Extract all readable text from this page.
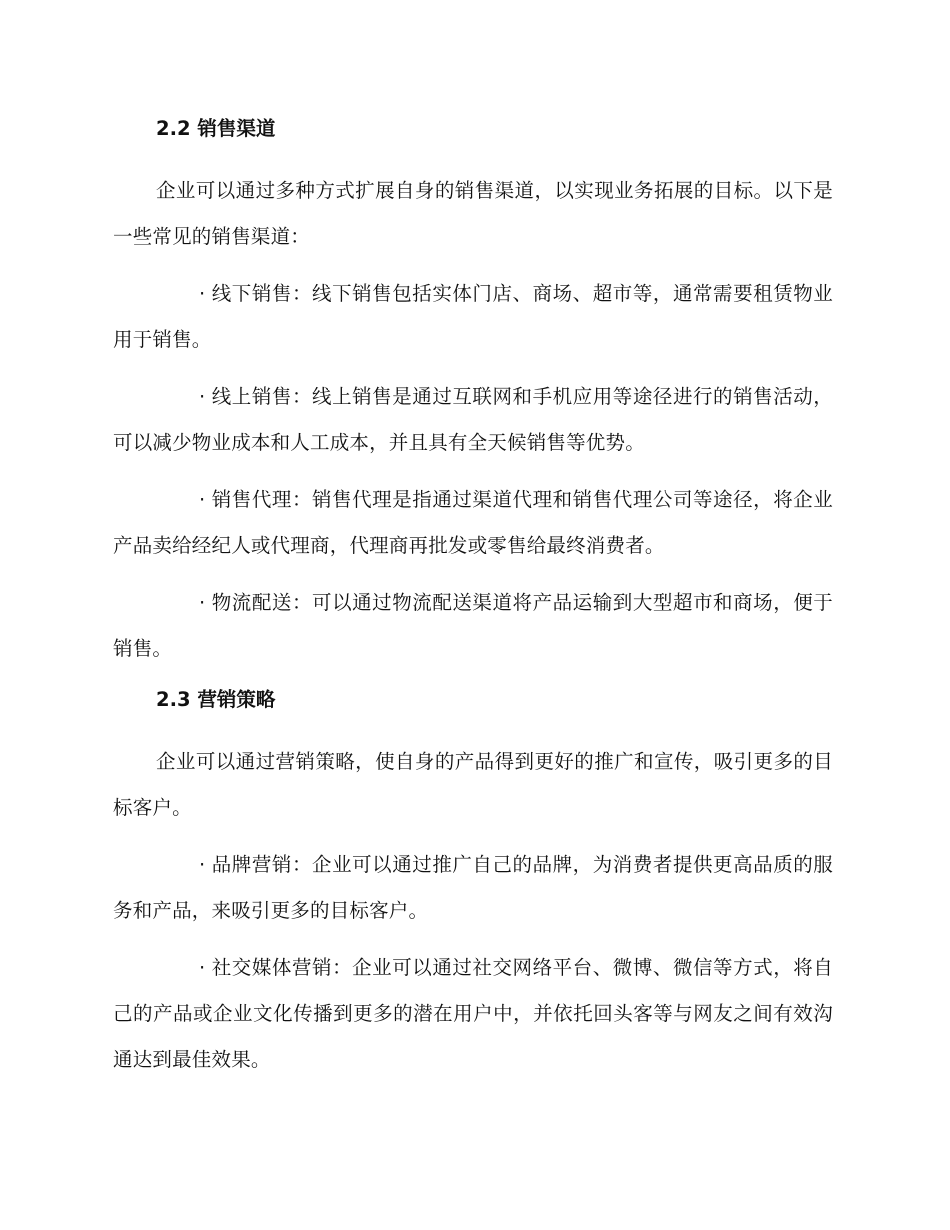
2.2 销售渠道

企业可以通过多种方式扩展自身的销售渠道，以实现业务拓展的目标。以下是一些常见的销售渠道：

· 线下销售：线下销售包括实体门店、商场、超市等，通常需要租赁物业用于销售。

· 线上销售：线上销售是通过互联网和手机应用等途径进行的销售活动，可以减少物业成本和人工成本，并且具有全天候销售等优势。

· 销售代理：销售代理是指通过渠道代理和销售代理公司等途径，将企业产品卖给经纪人或代理商，代理商再批发或零售给最终消费者。

· 物流配送：可以通过物流配送渠道将产品运输到大型超市和商场，便于销售。

2.3 营销策略

企业可以通过营销策略，使自身的产品得到更好的推广和宣传，吸引更多的目标客户。

· 品牌营销：企业可以通过推广自己的品牌，为消费者提供更高品质的服务和产品，来吸引更多的目标客户。

· 社交媒体营销：企业可以通过社交网络平台、微博、微信等方式，将自己的产品或企业文化传播到更多的潜在用户中，并依托回头客等与网友之间有效沟通达到最佳效果。
